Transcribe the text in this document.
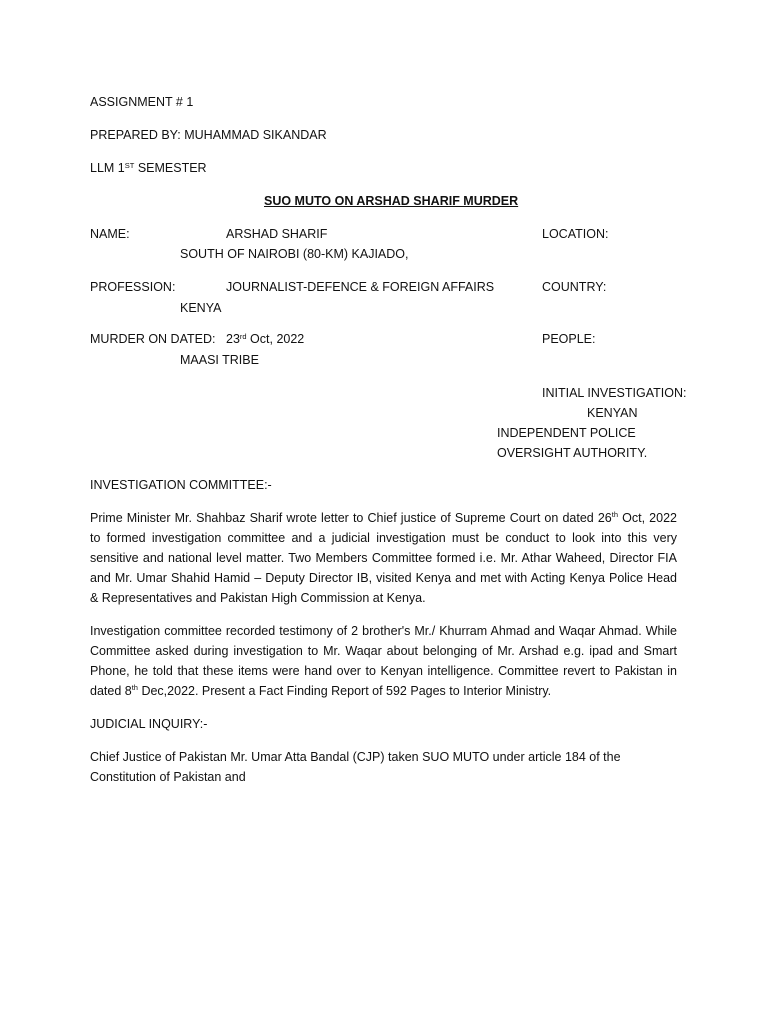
ASSIGNMENT # 1
PREPARED BY: MUHAMMAD SIKANDAR
LLM 1ST SEMESTER
SUO MUTO ON ARSHAD SHARIF MURDER
NAME:	ARSHAD SHARIF	LOCATION:
SOUTH OF NAIROBI (80-KM) KAJIADO,
PROFESSION:	JOURNALIST-DEFENCE & FOREIGN AFFAIRS	COUNTRY:
KENYA
MURDER ON DATED: 23rd Oct, 2022	PEOPLE:
MAASI TRIBE
INITIAL INVESTIGATION:
KENYAN
INDEPENDENT POLICE
OVERSIGHT AUTHORITY.
INVESTIGATION COMMITTEE:-
Prime Minister Mr. Shahbaz Sharif wrote letter to Chief justice of Supreme Court on dated 26th Oct, 2022 to formed investigation committee and a judicial investigation must be conduct to look into this very sensitive and national level matter. Two Members Committee formed i.e. Mr. Athar Waheed, Director FIA and Mr. Umar Shahid Hamid – Deputy Director IB, visited Kenya and met with Acting Kenya Police Head & Representatives and Pakistan High Commission at Kenya.
Investigation committee recorded testimony of 2 brother's Mr./ Khurram Ahmad and Waqar Ahmad. While Committee asked during investigation to Mr. Waqar about belonging of Mr. Arshad e.g. ipad and Smart Phone, he told that these items were hand over to Kenyan intelligence. Committee revert to Pakistan in dated 8th Dec,2022. Present a Fact Finding Report of 592 Pages to Interior Ministry.
JUDICIAL INQUIRY:-
Chief Justice of Pakistan Mr. Umar Atta Bandal (CJP) taken SUO MUTO under article 184 of the
Constitution of Pakistan and
